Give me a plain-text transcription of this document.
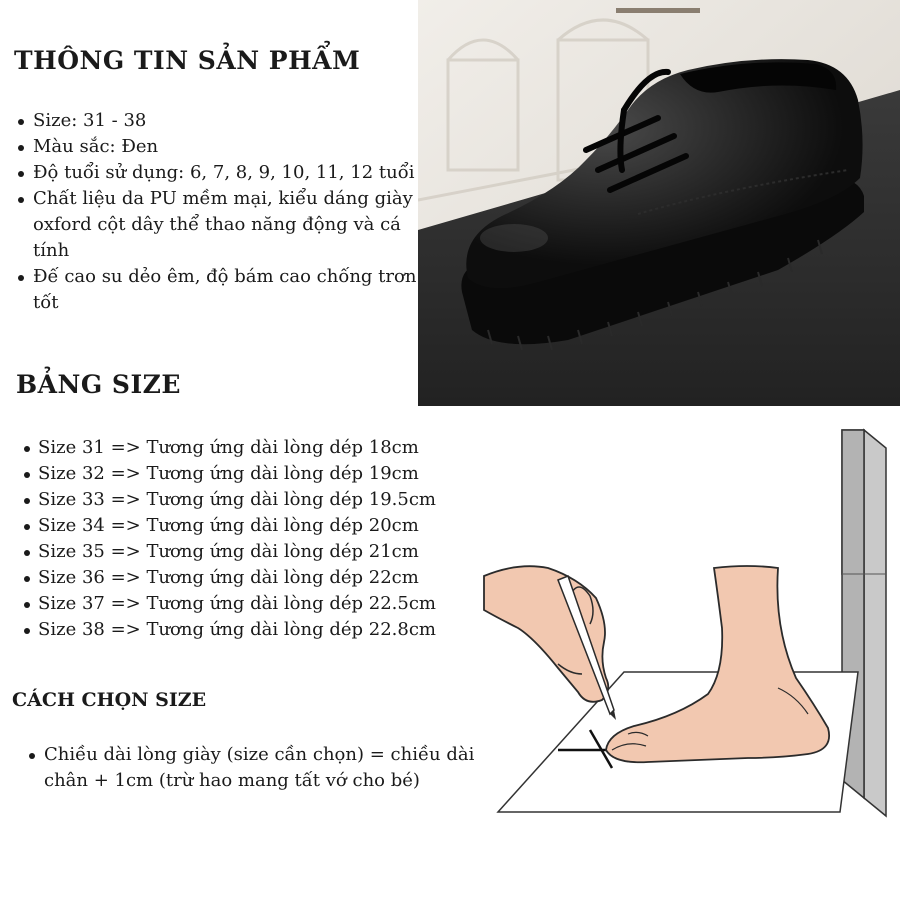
THÔNG TIN SẢN PHẨM
Size: 31 - 38
Màu sắc: Đen
Độ tuổi sử dụng: 6, 7, 8, 9, 10, 11, 12 tuổi
Chất liệu da PU mềm mại, kiểu dáng giày oxford cột dây thể thao năng động và cá tính
Đế cao su dẻo êm, độ bám cao chống trơn tốt
BẢNG SIZE
Size 31 => Tương ứng dài lòng dép 18cm
Size 32 => Tương ứng dài lòng dép 19cm
Size 33 => Tương ứng dài lòng dép 19.5cm
Size 34 => Tương ứng dài lòng dép 20cm
Size 35 => Tương ứng dài lòng dép 21cm
Size 36 => Tương ứng dài lòng dép 22cm
Size 37 => Tương ứng dài lòng dép 22.5cm
Size 38 => Tương ứng dài lòng dép 22.8cm
CÁCH CHỌN SIZE
Chiều dài lòng giày (size cần chọn) = chiều dài chân + 1cm (trừ hao mang tất vớ cho bé)
